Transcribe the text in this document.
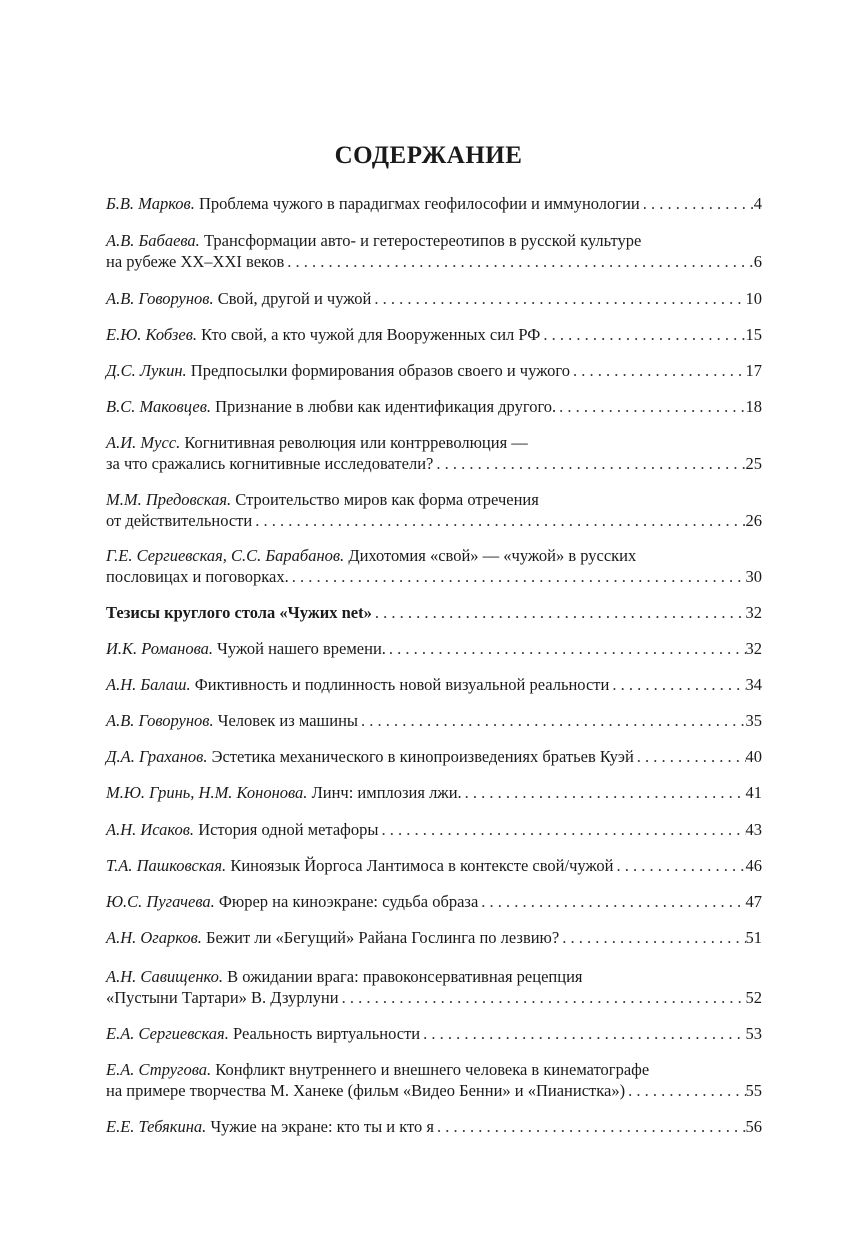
СОДЕРЖАНИЕ
Б.В. Марков. Проблема чужого в парадигмах геофилософии и иммунологии . . .	4
А.В. Бабаева. Трансформации авто- и гетеростереотипов в русской культуре
на рубеже XX–XXI веков . . .	6
А.В. Говорунов. Свой, другой и чужой . . .	10
Е.Ю. Кобзев. Кто свой, а кто чужой для Вооруженных сил РФ . . .	15
Д.С. Лукин. Предпосылки формирования образов своего и чужого . . .	17
В.С. Маковцев. Признание в любви как идентификация другого. . . .	18
А.И. Мусс. Когнитивная революция или контрреволюция —
за что сражались когнитивные исследователи? . . .	25
М.М. Предовская. Строительство миров как форма отречения
от действительности . . .	26
Г.Е. Сергиевская, С.С. Барабанов. Дихотомия «свой» — «чужой» в русских
пословицах и поговорках. . . .	30
Тезисы круглого стола «Чужих net» . . .	32
И.К. Романова. Чужой нашего времени. . . .	32
А.Н. Балаш. Фиктивность и подлинность новой визуальной реальности . . .	34
А.В. Говорунов. Человек из машины . . .	35
Д.А. Граханов. Эстетика механического в кинопроизведениях братьев Куэй . . .	40
М.Ю. Гринь, Н.М. Кононова. Линч: имплозия лжи. . . .	41
А.Н. Исаков. История одной метафоры . . .	43
Т.А. Пашковская. Киноязык Йоргоса Лантимоса в контексте свой/чужой . . .	46
Ю.С. Пугачева. Фюрер на киноэкране: судьба образа . . .	47
А.Н. Огарков. Бежит ли «Бегущий» Райана Гослинга по лезвию? . . .	51
А.Н. Савищенко. В ожидании врага: правоконсервативная рецепция
«Пустыни Тартари» В. Дзурлуни . . .	52
Е.А. Сергиевская. Реальность виртуальности . . .	53
Е.А. Стругова. Конфликт внутреннего и внешнего человека в кинематографе
на примере творчества М. Ханеке (фильм «Видео Бенни» и «Пианистка») . . .	55
Е.Е. Тебякина. Чужие на экране: кто ты и кто я . . .	56
